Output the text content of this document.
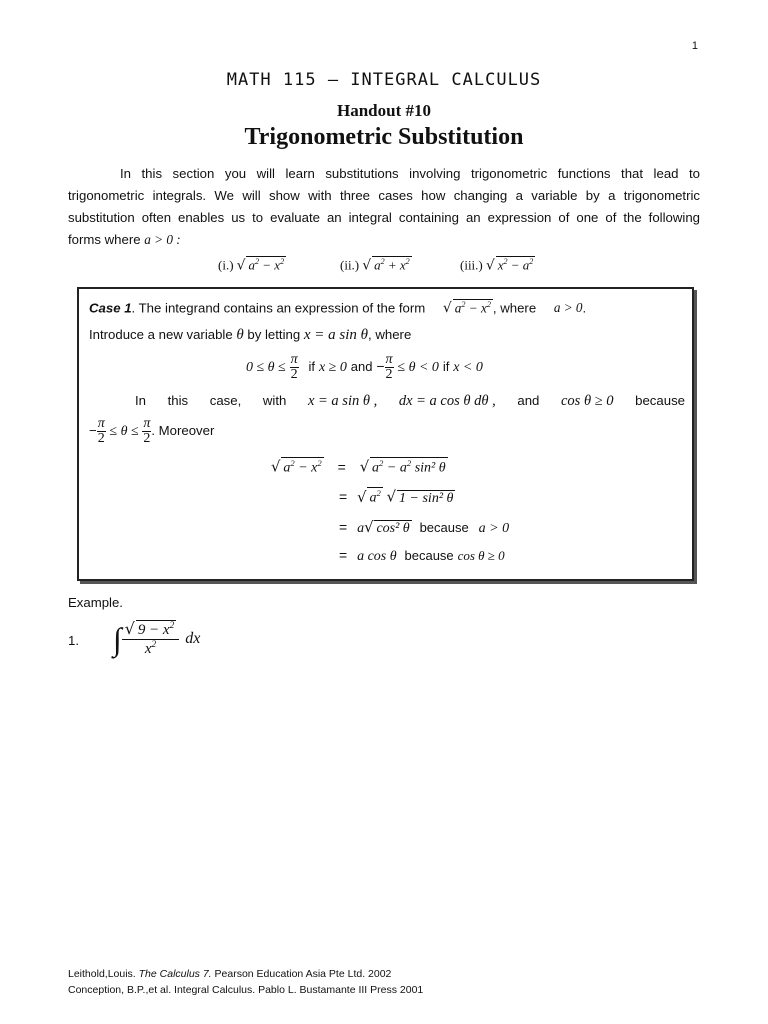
1
MATH 115 – INTEGRAL CALCULUS
Handout #10
Trigonometric Substitution
In this section you will learn substitutions involving trigonometric functions that lead to
trigonometric integrals. We will show with three cases how changing a variable by a trigonometric
substitution often enables us to evaluate an integral containing an expression of one of the following
forms where a > 0 :
(i.) √ $a^2 - x^2$	(ii.) √ $a^2 + x^2$	(iii.) √ $x^2 - a^2$
Case 1. The integrand contains an expression of the form √ $a^2 - x^2$ , where a > 0.
Introduce a new variable θ by letting x = a sin θ, where
$0 \le \theta \le \frac{\pi}{2}$ if x ≥ 0 and − $\frac{\pi}{2} \le \theta < 0$ if x < 0
In this case, with x = a sin θ , dx = a cos θ dθ , and cos θ ≥ 0 because
− $\frac{\pi}{2} \le \theta \le \frac{\pi}{2}$ . Moreover
√ $a^2 - x^2$ = √ $a^2 - a^2$ sin² θ
= √ $a^2$ √ 1 − sin² θ
= a√ cos² θ because a > 0
= a cos θ because cos θ ≥ 0
Example.
1. ∫ √ $9 - x^2$
$x^2$ dx
Leithold,Louis. The Calculus 7. Pearson Education Asia Pte Ltd. 2002
Conception, B.P.,et al. Integral Calculus. Pablo L. Bustamante III Press 2001
